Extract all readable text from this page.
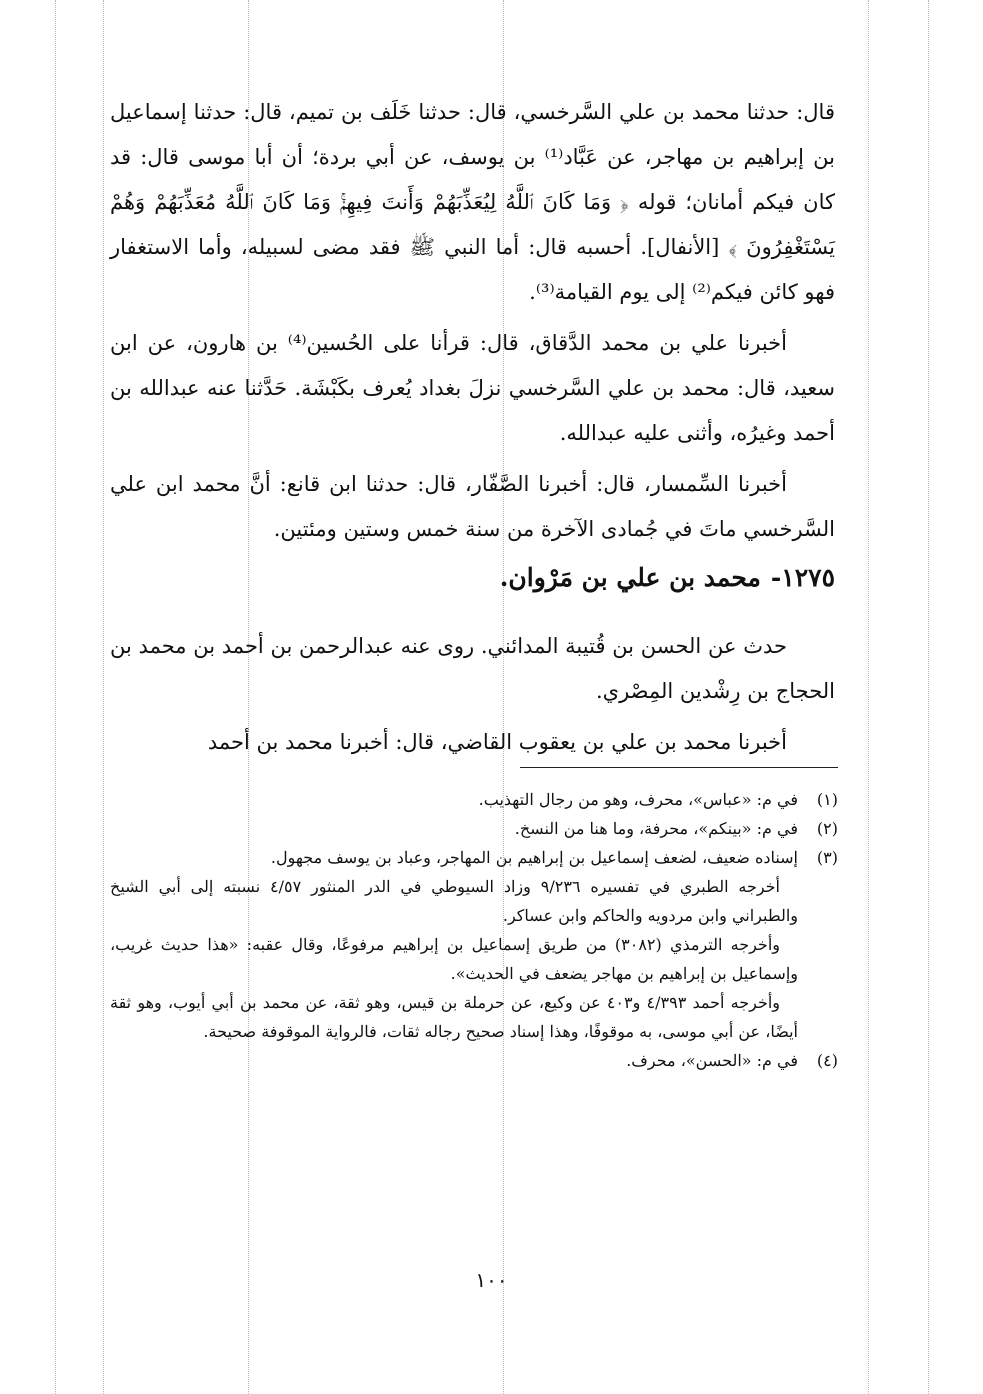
قال: حدثنا محمد بن علي السَّرخسي، قال: حدثنا خَلَف بن تميم، قال: حدثنا إسماعيل بن إبراهيم بن مهاجر، عن عَبَّاد⁽¹⁾ بن يوسف، عن أبي بردة؛ أن أبا موسى قال: قد كان فيكم أمانان؛ قوله ﴿ وَمَا كَانَ ٱللَّهُ لِيُعَذِّبَهُمْ وَأَنتَ فِيهِمْۚ وَمَا كَانَ ٱللَّهُ مُعَذِّبَهُمْ وَهُمْ يَسْتَغْفِرُونَ ﴾ [الأنفال]. أحسبه قال: أما النبي ﷺ فقد مضى لسبيله، وأما الاستغفار فهو كائن فيكم⁽²⁾ إلى يوم القيامة⁽³⁾.

أخبرنا علي بن محمد الدَّقاق، قال: قرأنا على الحُسين⁽⁴⁾ بن هارون، عن ابن سعيد، قال: محمد بن علي السَّرخسي نزلَ بغداد يُعرف بكَبْشَة. حَدَّثنا عنه عبدالله بن أحمد وغيرُه، وأثنى عليه عبدالله.

أخبرنا السِّمسار، قال: أخبرنا الصَّفّار، قال: حدثنا ابن قانع: أنَّ محمد ابن علي السَّرخسي ماتَ في جُمادى الآخرة من سنة خمس وستين ومئتين.

١٢٧٥-محمد بن علي بن مَرْوان.

حدث عن الحسن بن قُتيبة المدائني. روى عنه عبدالرحمن بن أحمد بن محمد بن الحجاج بن رِشْدين المِصْري.

أخبرنا محمد بن علي بن يعقوب القاضي، قال: أخبرنا محمد بن أحمد

(١)
في م: «عباس»، محرف، وهو من رجال التهذيب.

(٢)
في م: «بينكم»، محرفة، وما هنا من النسخ.

(٣)
إسناده ضعيف، لضعف إسماعيل بن إبراهيم بن المهاجر، وعباد بن يوسف مجهول.

أخرجه الطبري في تفسيره ٩/٢٣٦ وزاد السيوطي في الدر المنثور ٤/٥٧ نسبته إلى أبي الشيخ والطبراني وابن مردويه والحاكم وابن عساكر.

وأخرجه الترمذي (٣٠٨٢) من طريق إسماعيل بن إبراهيم مرفوعًا، وقال عقبه: «هذا حديث غريب، وإسماعيل بن إبراهيم بن مهاجر يضعف في الحديث».

وأخرجه أحمد ٤/٣٩٣ و٤٠٣ عن وكيع، عن حرملة بن قيس، وهو ثقة، عن محمد بن أبي أيوب، وهو ثقة أيضًا، عن أبي موسى، به موقوفًا، وهذا إسناد صحيح رجاله ثقات، فالرواية الموقوفة صحيحة.

(٤)
في م: «الحسن»، محرف.

١٠٠
